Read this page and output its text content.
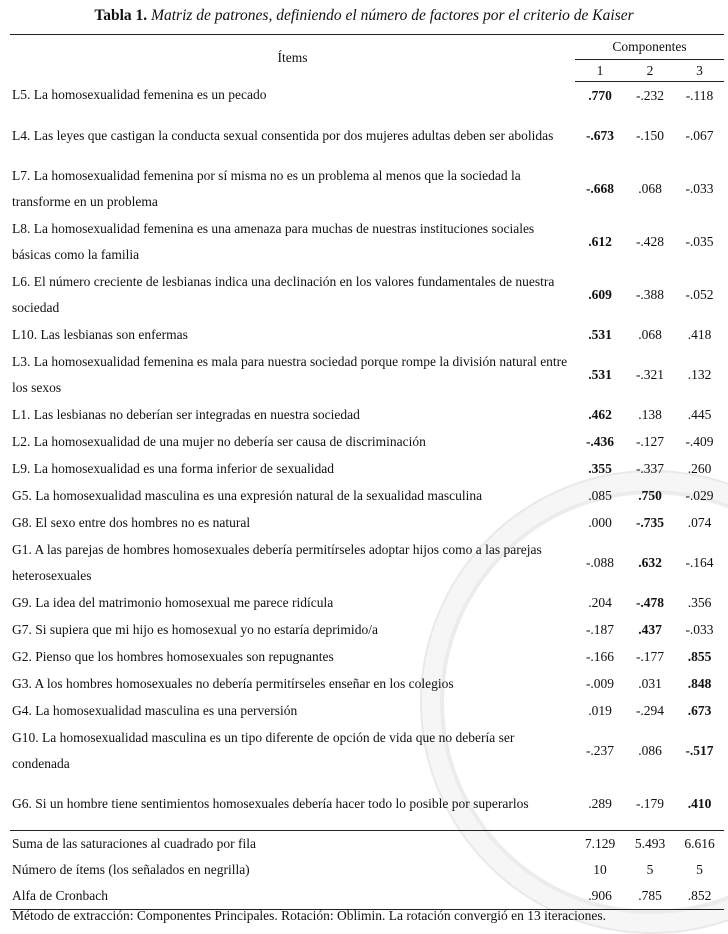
Tabla 1. Matriz de patrones, definiendo el número de factores por el criterio de Kaiser
Ítems	Componentes		
	1	2	3
L5. La homosexualidad femenina es un pecado	.770	-.232	-.118
L4. Las leyes que castigan la conducta sexual consentida por dos mujeres adultas deben ser abolidas	-.673	-.150	-.067
L7. La homosexualidad femenina por sí misma no es un problema al menos que la sociedad la transforme en un problema	-.668	.068	-.033
L8. La homosexualidad femenina es una amenaza para muchas de nuestras instituciones sociales básicas como la familia	.612	-.428	-.035
L6. El número creciente de lesbianas indica una declinación en los valores fundamentales de nuestra sociedad	.609	-.388	-.052
L10. Las lesbianas son enfermas	.531	.068	.418
L3. La homosexualidad femenina es mala para nuestra sociedad porque rompe la división natural entre los sexos	.531	-.321	.132
L1. Las lesbianas no deberían ser integradas en nuestra sociedad	.462	.138	.445
L2. La homosexualidad de una mujer no debería ser causa de discriminación	-.436	-.127	-.409
L9. La homosexualidad es una forma inferior de sexualidad	.355	-.337	.260
G5. La homosexualidad masculina es una expresión natural de la sexualidad masculina	.085	.750	-.029
G8. El sexo entre dos hombres no es natural	.000	-.735	.074
G1. A las parejas de hombres homosexuales debería permitírseles adoptar hijos como a las parejas heterosexuales	-.088	.632	-.164
G9. La idea del matrimonio homosexual me parece ridícula	.204	-.478	.356
G7. Si supiera que mi hijo es homosexual yo no estaría deprimido/a	-.187	.437	-.033
G2. Pienso que los hombres homosexuales son repugnantes	-.166	-.177	.855
G3. A los hombres homosexuales no debería permitírseles enseñar en los colegios	-.009	.031	.848
G4. La homosexualidad masculina es una perversión	.019	-.294	.673
G10. La homosexualidad masculina es un tipo diferente de opción de vida que no debería ser condenada	-.237	.086	-.517
G6. Si un hombre tiene sentimientos homosexuales debería hacer todo lo posible por superarlos	.289	-.179	.410
Suma de las saturaciones al cuadrado por fila	7.129	5.493	6.616
Número de ítems (los señalados en negrilla)	10	5	5
Alfa de Cronbach	.906	.785	.852
Método de extracción: Componentes Principales. Rotación: Oblimin. La rotación convergió en 13 iteraciones.
